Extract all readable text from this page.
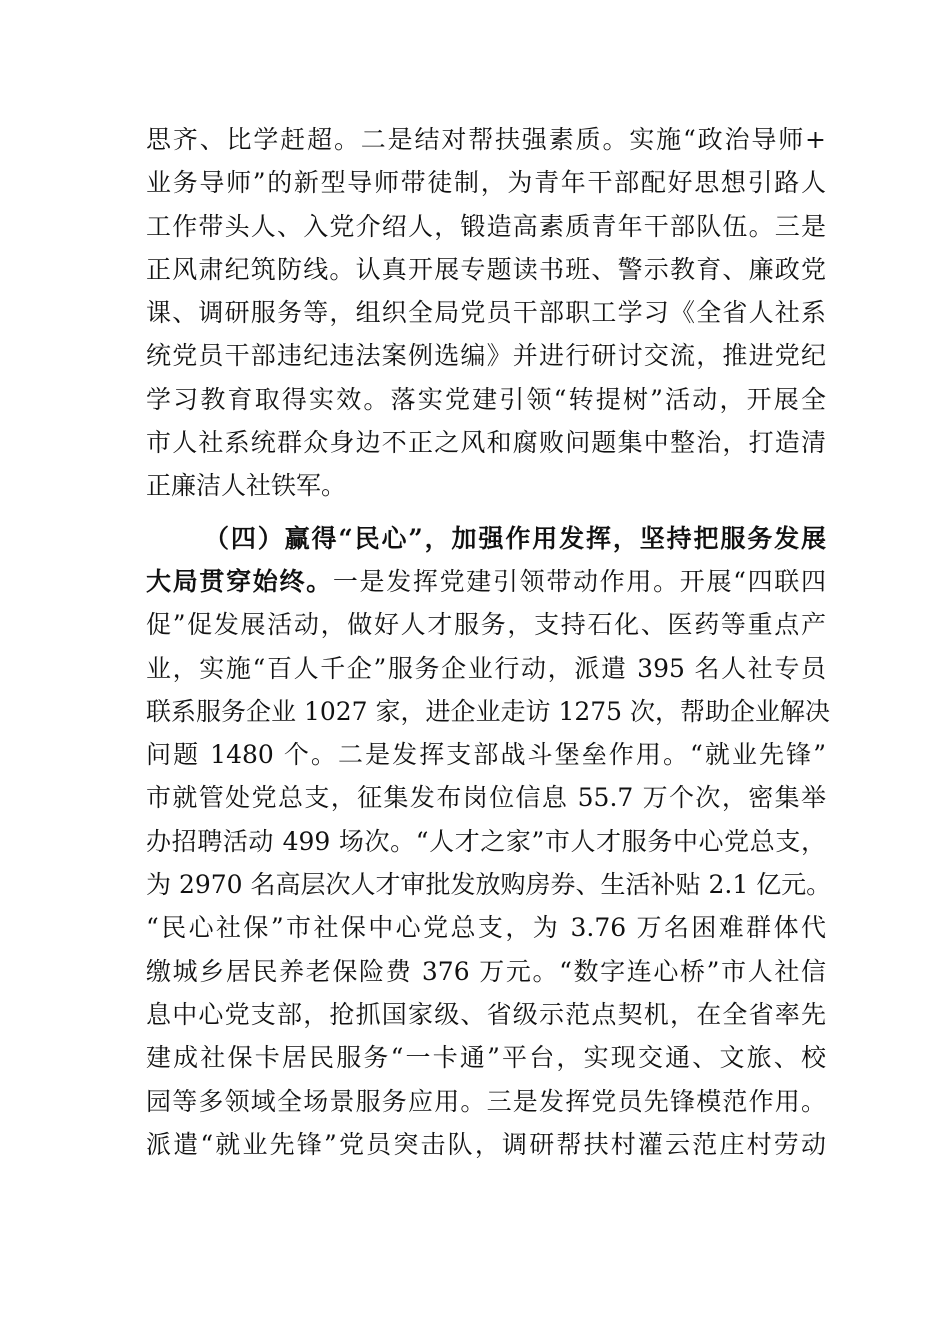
思齐、比学赶超。二是结对帮扶强素质。实施“政治导师+
业务导师”的新型导师带徒制，为青年干部配好思想引路人
工作带头人、入党介绍人，锻造高素质青年干部队伍。三是
正风肃纪筑防线。认真开展专题读书班、警示教育、廉政党
课、调研服务等，组织全局党员干部职工学习《全省人社系
统党员干部违纪违法案例选编》并进行研讨交流，推进党纪
学习教育取得实效。落实党建引领“转提树”活动，开展全
市人社系统群众身边不正之风和腐败问题集中整治，打造清
正廉洁人社铁军。
（四）赢得“民心”，加强作用发挥，坚持把服务发展
大局贯穿始终。一是发挥党建引领带动作用。开展“四联四
促”促发展活动，做好人才服务，支持石化、医药等重点产
业，实施“百人千企”服务企业行动，派遣 395 名人社专员
联系服务企业 1027 家，进企业走访 1275 次，帮助企业解决
问题 1480 个。二是发挥支部战斗堡垒作用。“就业先锋”
市就管处党总支，征集发布岗位信息 55.7 万个次，密集举
办招聘活动 499 场次。“人才之家”市人才服务中心党总支，
为 2970 名高层次人才审批发放购房券、生活补贴 2.1 亿元。
“民心社保”市社保中心党总支，为 3.76 万名困难群体代
缴城乡居民养老保险费 376 万元。“数字连心桥”市人社信
息中心党支部，抢抓国家级、省级示范点契机，在全省率先
建成社保卡居民服务“一卡通”平台，实现交通、文旅、校
园等多领域全场景服务应用。三是发挥党员先锋模范作用。
派遣“就业先锋”党员突击队，调研帮扶村灌云范庄村劳动
